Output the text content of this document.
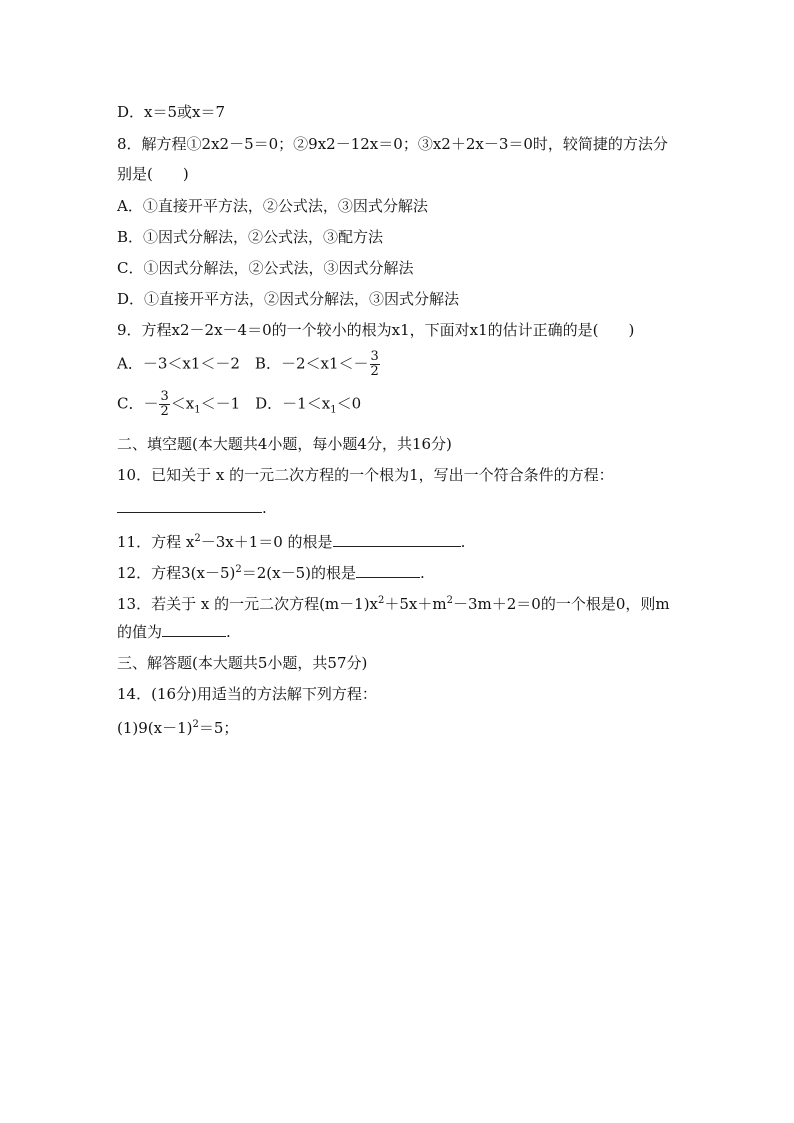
D．x＝5或x＝7
8．解方程①2x2－5＝0；②9x2－12x＝0；③x2＋2x－3＝0时，较简捷的方法分
别是(　　)
A．①直接开平方法，②公式法，③因式分解法
B．①因式分解法，②公式法，③配方法
C．①因式分解法，②公式法，③因式分解法
D．①直接开平方法，②因式分解法，③因式分解法
9．方程x2－2x－4＝0的一个较小的根为x1，下面对x1的估计正确的是(　　)
A．－3＜x1＜－2　B．$-2<x1<- \frac{3}{2}$
C．－ $\frac{3}{2} <x_1<-1$　D．$-1<x_1<0$
二、填空题(本大题共4小题，每小题4分，共16分)
10．已知关于 x 的一元二次方程的一个根为1，写出一个符合条件的方程：
.
11．方程 $x^2-3x+1=0$ 的根是	.
12．方程$3(x-5)^2=2(x-5)$的根是	.
13．若关于 x 的一元二次方程$(m-1)x^2+5x+m^2-3m+2=0$的一个根是0，则m
的值为	.
三、解答题(本大题共5小题，共57分)
14．(16分)用适当的方法解下列方程：
$(1)9(x-1)^2=5$；
